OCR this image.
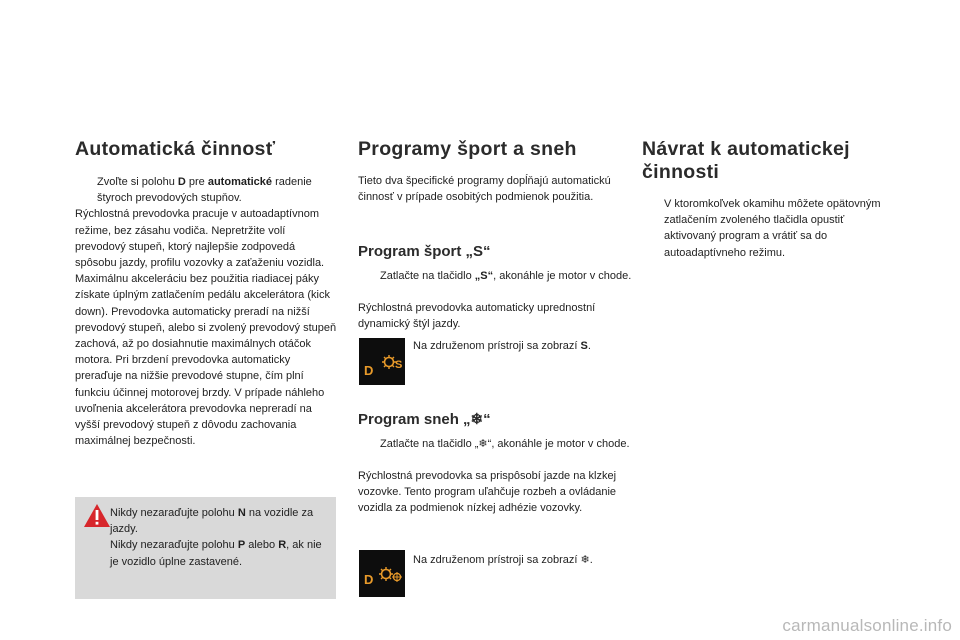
Automatická činnosť
Zvoľte si polohu D pre automatické radenie štyroch prevodových stupňov.

Rýchlostná prevodovka pracuje v autoadaptívnom režime, bez zásahu vodiča. Nepretržite volí prevodový stupeň, ktorý najlepšie zodpovedá spôsobu jazdy, profilu vozovky a zaťaženiu vozidla. Maximálnu akceleráciu bez použitia riadiacej páky získate úplným zatlačením pedálu akcelerátora (kick down). Prevodovka automaticky preradí na nižší prevodový stupeň, alebo si zvolený prevodový stupeň zachová, až po dosiahnutie maximálnych otáčok motora. Pri brzdení prevodovka automaticky preraďuje na nižšie prevodové stupne, čím plní funkciu účinnej motorovej brzdy. V prípade náhleho uvoľnenia akcelerátora prevodovka nepreradí na vyšší prevodový stupeň z dôvodu zachovania maximálnej bezpečnosti.

Nikdy nezaraďujte polohu N na vozidle za jazdy.

Nikdy nezaraďujte polohu P alebo R, ak nie je vozidlo úplne zastavené.

Programy šport a sneh

Tieto dva špecifické programy dopĺňajú automatickú činnosť v prípade osobitých podmienok použitia.

Program šport „S“
Zatlačte na tlačidlo „S“, akonáhle je motor v chode.

Rýchlostná prevodovka automaticky uprednostní dynamický štýl jazdy.

D S
Na združenom prístroji sa zobrazí S.
Program sneh „❄“
Zatlačte na tlačidlo „❄“, akonáhle je motor v chode.

Rýchlostná prevodovka sa prispôsobí jazde na klzkej vozovke. Tento program uľahčuje rozbeh a ovládanie vozidla za podmienok nízkej adhézie vozovky.

D
Na združenom prístroji sa zobrazí ❄.
Návrat k automatickej činnosti
V ktoromkoľvek okamihu môžete opätovným zatlačením zvoleného tlačidla opustiť aktivovaný program a vrátiť sa do autoadaptívneho režimu.
carmanualsonline.info
